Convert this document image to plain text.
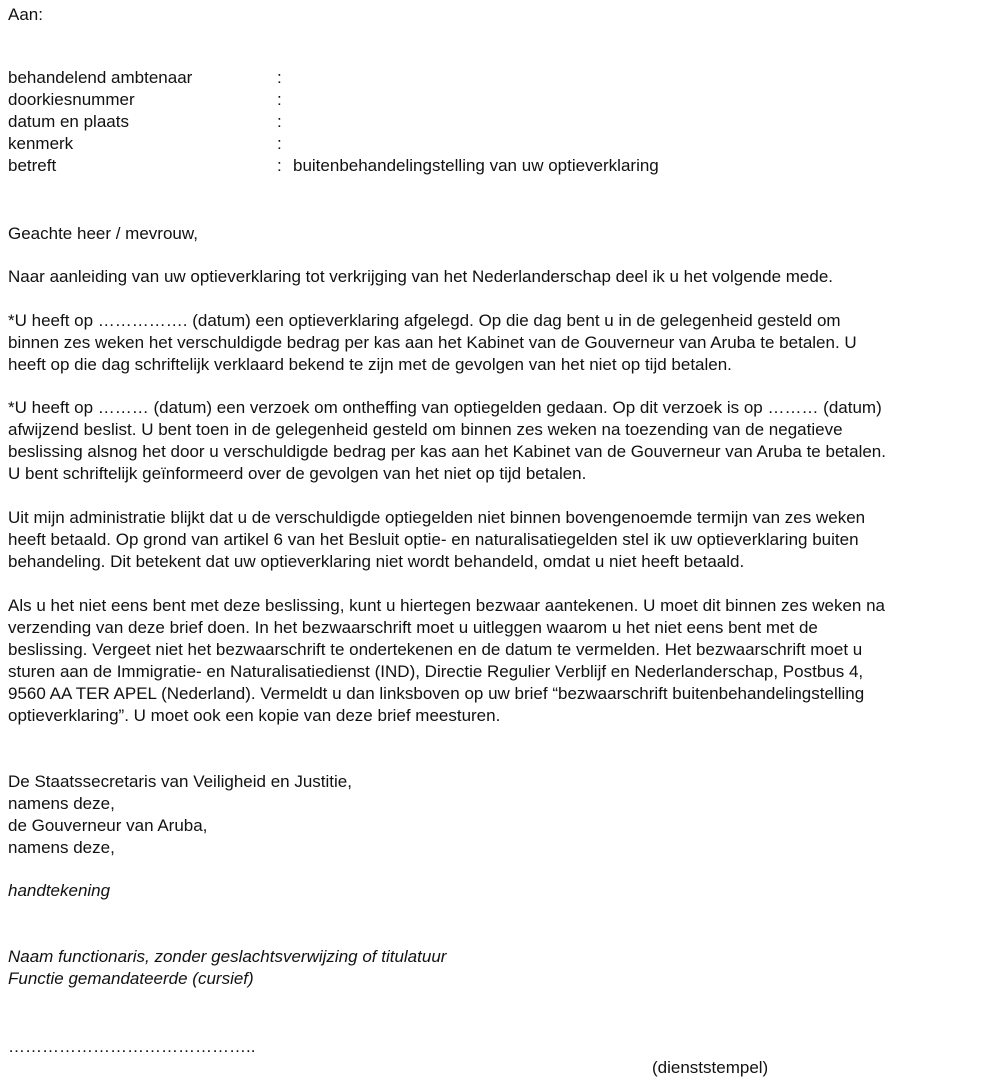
Aan:
behandelend ambtenaar	:
doorkiesnummer	:
datum en plaats	:
kenmerk	:
betreft	: buitenbehandelingstelling van uw optieverklaring
Geachte heer / mevrouw,
Naar aanleiding van uw optieverklaring tot verkrijging van het Nederlanderschap deel ik u het volgende mede.

*U heeft op ……………. (datum) een optieverklaring afgelegd. Op die dag bent u in de gelegenheid gesteld om
binnen zes weken het verschuldigde bedrag per kas aan het Kabinet van de Gouverneur van Aruba te betalen. U
heeft op die dag schriftelijk verklaard bekend te zijn met de gevolgen van het niet op tijd betalen.

*U heeft op ……… (datum) een verzoek om ontheffing van optiegelden gedaan. Op dit verzoek is op ……… (datum)
afwijzend beslist. U bent toen in de gelegenheid gesteld om binnen zes weken na toezending van de negatieve
beslissing alsnog het door u verschuldigde bedrag per kas aan het Kabinet van de Gouverneur van Aruba te betalen.
U bent schriftelijk geïnformeerd over de gevolgen van het niet op tijd betalen.

Uit mijn administratie blijkt dat u de verschuldigde optiegelden niet binnen bovengenoemde termijn van zes weken
heeft betaald. Op grond van artikel 6 van het Besluit optie- en naturalisatiegelden stel ik uw optieverklaring buiten
behandeling. Dit betekent dat uw optieverklaring niet wordt behandeld, omdat u niet heeft betaald.

Als u het niet eens bent met deze beslissing, kunt u hiertegen bezwaar aantekenen. U moet dit binnen zes weken na
verzending van deze brief doen. In het bezwaarschrift moet u uitleggen waarom u het niet eens bent met de
beslissing. Vergeet niet het bezwaarschrift te ondertekenen en de datum te vermelden. Het bezwaarschrift moet u
sturen aan de Immigratie- en Naturalisatiedienst (IND), Directie Regulier Verblijf en Nederlanderschap, Postbus 4,
9560 AA TER APEL (Nederland). Vermeldt u dan linksboven op uw brief “bezwaarschrift buitenbehandelingstelling
optieverklaring”. U moet ook een kopie van deze brief meesturen.

De Staatssecretaris van Veiligheid en Justitie,
namens deze,
de Gouverneur van Aruba,
namens deze,
handtekening
Naam functionaris, zonder geslachtsverwijzing of titulatuur
Functie gemandateerde (cursief)
……………………………………..
(dienststempel)
